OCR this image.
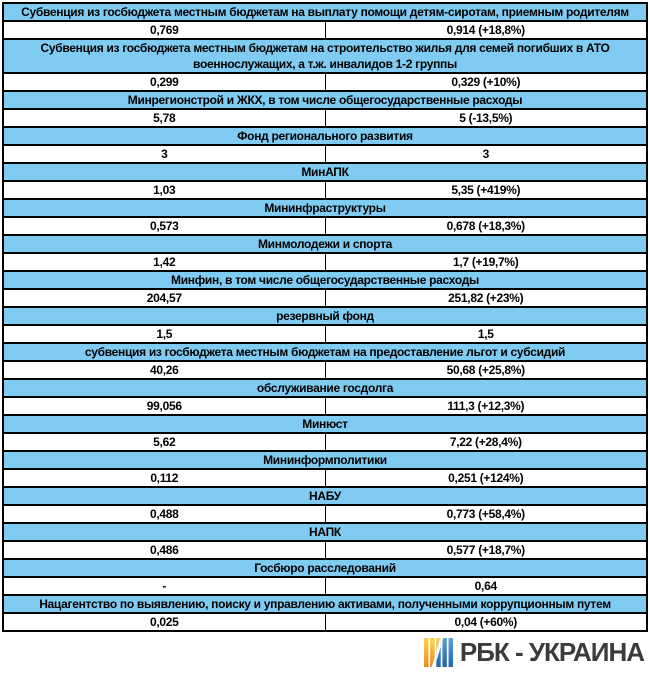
Субвенция из госбюджета местным бюджетам на выплату помощи детям-сиротам, приемным родителям	
0,769	0,914 (+18,8%)
Субвенция из госбюджета местным бюджетам на строительство жилья для семей погибших в АТО военнослужащих, а т.ж. инвалидов 1-2 группы	
0,299	0,329 (+10%)
Минрегионстрой и ЖКХ, в том числе общегосударственные расходы	
5,78	5 (-13,5%)
Фонд регионального развития	
3	3
МинАПК	
1,03	5,35 (+419%)
Мининфраструктуры	
0,573	0,678 (+18,3%)
Минмолодежи и спорта	
1,42	1,7 (+19,7%)
Минфин, в том числе общегосударственные расходы	
204,57	251,82 (+23%)
резервный фонд	
1,5	1,5
субвенция из госбюджета местным бюджетам на предоставление льгот и субсидий	
40,26	50,68 (+25,8%)
обслуживание госдолга	
99,056	111,3 (+12,3%)
Минюст	
5,62	7,22 (+28,4%)
Мининформполитики	
0,112	0,251 (+124%)
НАБУ	
0,488	0,773 (+58,4%)
НАПК	
0,486	0,577 (+18,7%)
Госбюро расследований	
-	0,64
Нацагентство по выявлению, поиску и управлению активами, полученными коррупционным путем	
0,025	0,04 (+60%)
РБК - УКРАИНА
